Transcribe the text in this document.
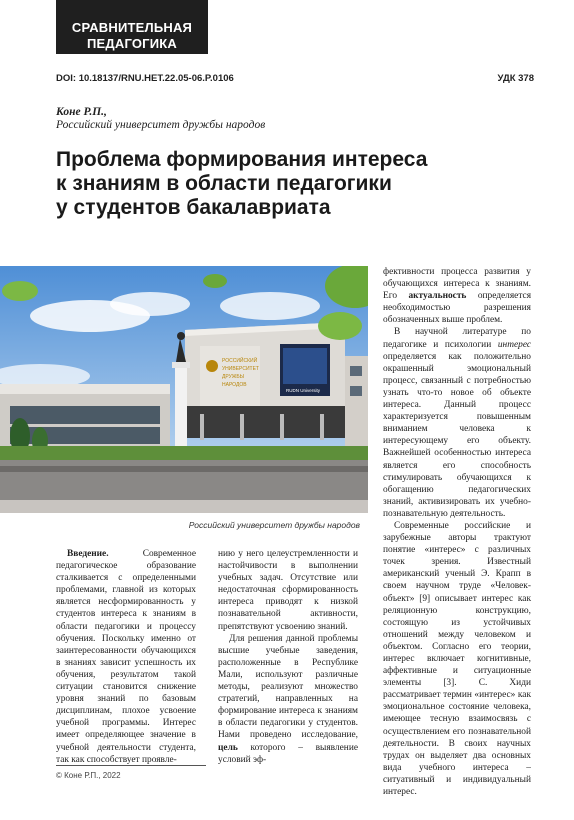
СРАВНИТЕЛЬНАЯ
ПЕДАГОГИКА
DOI: 10.18137/RNU.HET.22.05-06.P.0106	УДК 378
Коне Р.П.,
Российский университет дружбы народов
Проблема формирования интереса
к знаниям в области педагогики
у студентов бакалавриата
РОССИЙСКИЙ
УНИВЕРСИТЕТ
ДРУЖБЫ
НАРОДОВ
RUDN University
Российский университет дружбы народов

Введение.	Современное педагогическое образование сталкивается с определенными проблемами, главной из которых является несформированность у студентов интереса к знаниям в области педагогики и процессу обучения. Поскольку именно от заинтересованности обучающихся в знаниях зависит успешность их обучения, результатом такой ситуации становится снижение уровня знаний по базовым дисциплинам, плохое усвоение учебной программы. Интерес имеет определяющее значение в учебной деятельности студента, так как способствует проявле-

нию у него целеустремленности и настойчивости в выполнении учебных задач. Отсутствие или недостаточная сформированность интереса приводят к низкой познавательной активности, препятствуют усвоению знаний.

Для решения данной проблемы высшие учебные заведения, расположенные в Республике Мали, используют различные методы, реализуют множество стратегий, направленных на формирование интереса к знаниям в области педагогики у студентов. Нами проведено исследование, цель которого – выявление условий эф-

фективности процесса развития у обучающихся интереса к знаниям. Его актуальность определяется необходимостью разрешения обозначенных выше проблем.

В научной литературе по педагогике и психологии интерес определяется как положительно окрашенный эмоциональный процесс, связанный с потребностью узнать что-то новое об объекте интереса. Данный процесс характеризуется повышенным вниманием человека к интересующему его объекту. Важнейшей особенностью интереса является его способность стимулировать обучающихся к обогащению педагогических знаний, активизировать их учебно-познавательную деятельность.

Современные российские и зарубежные авторы трактуют понятие «интерес» с различных точек зрения. Известный американский ученый Э. Крапп в своем научном труде «Человек-объект» [9] описывает интерес как реляционную конструкцию, состоящую из устойчивых отношений между человеком и объектом. Согласно его теории, интерес включает когнитивные, аффективные и ситуационные элементы [3]. С. Хиди рассматривает термин «интерес» как эмоциональное состояние человека, имеющее тесную взаимосвязь с осуществлением его познавательной деятельности. В своих научных трудах он выделяет два основных вида учебного интереса – ситуативный и индивидуальный интерес.

© Коне Р.П., 2022
